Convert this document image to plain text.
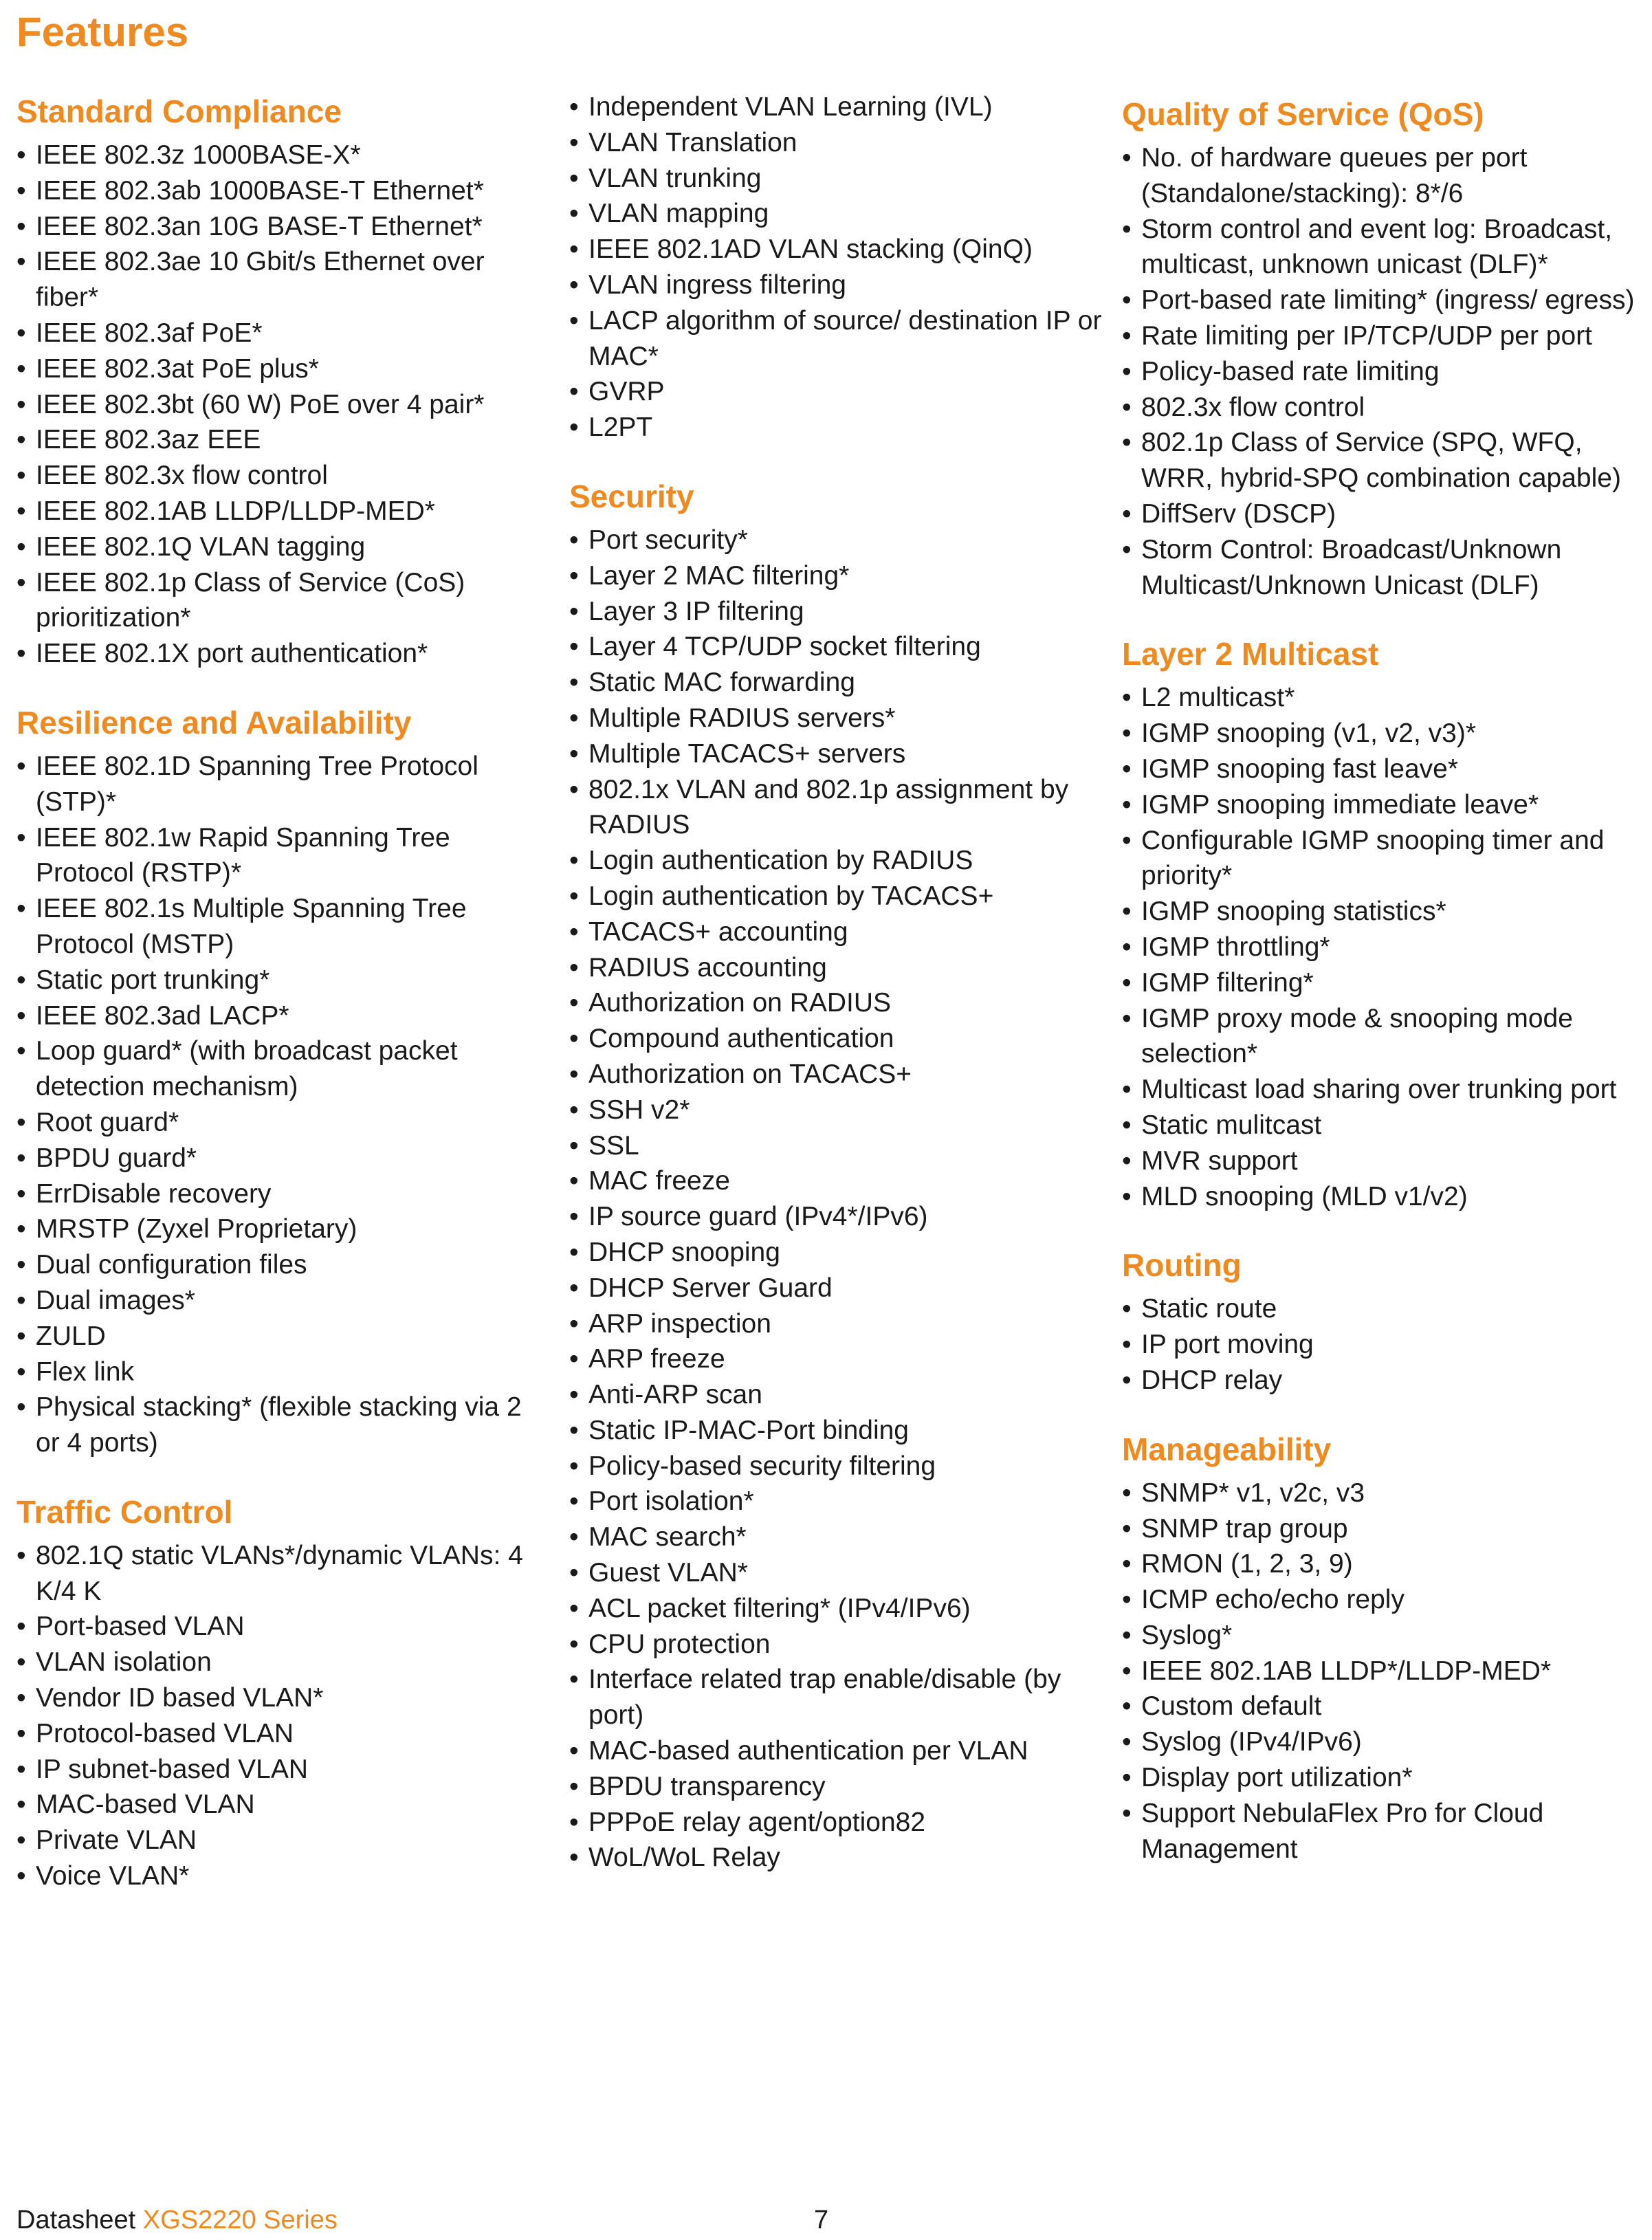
Features
Standard Compliance
• IEEE 802.3z 1000BASE-X*
• IEEE 802.3ab 1000BASE-T Ethernet*
• IEEE 802.3an 10G BASE-T Ethernet*
• IEEE 802.3ae 10 Gbit/s Ethernet over fiber*
• IEEE 802.3af PoE*
• IEEE 802.3at PoE plus*
• IEEE 802.3bt (60 W) PoE over 4 pair*
• IEEE 802.3az EEE
• IEEE 802.3x flow control
• IEEE 802.1AB LLDP/LLDP-MED*
• IEEE 802.1Q VLAN tagging
• IEEE 802.1p Class of Service (CoS) prioritization*
• IEEE 802.1X port authentication*
Resilience and Availability
• IEEE 802.1D Spanning Tree Protocol (STP)*
• IEEE 802.1w Rapid Spanning Tree Protocol (RSTP)*
• IEEE 802.1s Multiple Spanning Tree Protocol (MSTP)
• Static port trunking*
• IEEE 802.3ad LACP*
• Loop guard* (with broadcast packet detection mechanism)
• Root guard*
• BPDU guard*
• ErrDisable recovery
• MRSTP (Zyxel Proprietary)
• Dual configuration files
• Dual images*
• ZULD
• Flex link
• Physical stacking* (flexible stacking via 2 or 4 ports)
Traffic Control
• 802.1Q static VLANs*/dynamic VLANs: 4 K/4 K
• Port-based VLAN
• VLAN isolation
• Vendor ID based VLAN*
• Protocol-based VLAN
• IP subnet-based VLAN
• MAC-based VLAN
• Private VLAN
• Voice VLAN*
• Independent VLAN Learning (IVL)
• VLAN Translation
• VLAN trunking
• VLAN mapping
• IEEE 802.1AD VLAN stacking (QinQ)
• VLAN ingress filtering
• LACP algorithm of source/ destination IP or MAC*
• GVRP
• L2PT
Security
• Port security*
• Layer 2 MAC filtering*
• Layer 3 IP filtering
• Layer 4 TCP/UDP socket filtering
• Static MAC forwarding
• Multiple RADIUS servers*
• Multiple TACACS+ servers
• 802.1x VLAN and 802.1p assignment by RADIUS
• Login authentication by RADIUS
• Login authentication by TACACS+
• TACACS+ accounting
• RADIUS accounting
• Authorization on RADIUS
• Compound authentication
• Authorization on TACACS+
• SSH v2*
• SSL
• MAC freeze
• IP source guard (IPv4*/IPv6)
• DHCP snooping
• DHCP Server Guard
• ARP inspection
• ARP freeze
• Anti-ARP scan
• Static IP-MAC-Port binding
• Policy-based security filtering
• Port isolation*
• MAC search*
• Guest VLAN*
• ACL packet filtering* (IPv4/IPv6)
• CPU protection
• Interface related trap enable/disable (by port)
• MAC-based authentication per VLAN
• BPDU transparency
• PPPoE relay agent/option82
• WoL/WoL Relay
Quality of Service (QoS)
• No. of hardware queues per port (Standalone/stacking): 8*/6
• Storm control and event log: Broadcast, multicast, unknown unicast (DLF)*
• Port-based rate limiting* (ingress/ egress)
• Rate limiting per IP/TCP/UDP per port
• Policy-based rate limiting
• 802.3x flow control
• 802.1p Class of Service (SPQ, WFQ, WRR, hybrid-SPQ combination capable)
• DiffServ (DSCP)
• Storm Control: Broadcast/Unknown Multicast/Unknown Unicast (DLF)
Layer 2 Multicast
• L2 multicast*
• IGMP snooping (v1, v2, v3)*
• IGMP snooping fast leave*
• IGMP snooping immediate leave*
• Configurable IGMP snooping timer and priority*
• IGMP snooping statistics*
• IGMP throttling*
• IGMP filtering*
• IGMP proxy mode & snooping mode selection*
• Multicast load sharing over trunking port
• Static mulitcast
• MVR support
• MLD snooping (MLD v1/v2)
Routing
• Static route
• IP port moving
• DHCP relay
Manageability
• SNMP* v1, v2c, v3
• SNMP trap group
• RMON (1, 2, 3, 9)
• ICMP echo/echo reply
• Syslog*
• IEEE 802.1AB LLDP*/LLDP-MED*
• Custom default
• Syslog (IPv4/IPv6)
• Display port utilization*
• Support NebulaFlex Pro for Cloud Management
Datasheet XGS2220 Series	7
